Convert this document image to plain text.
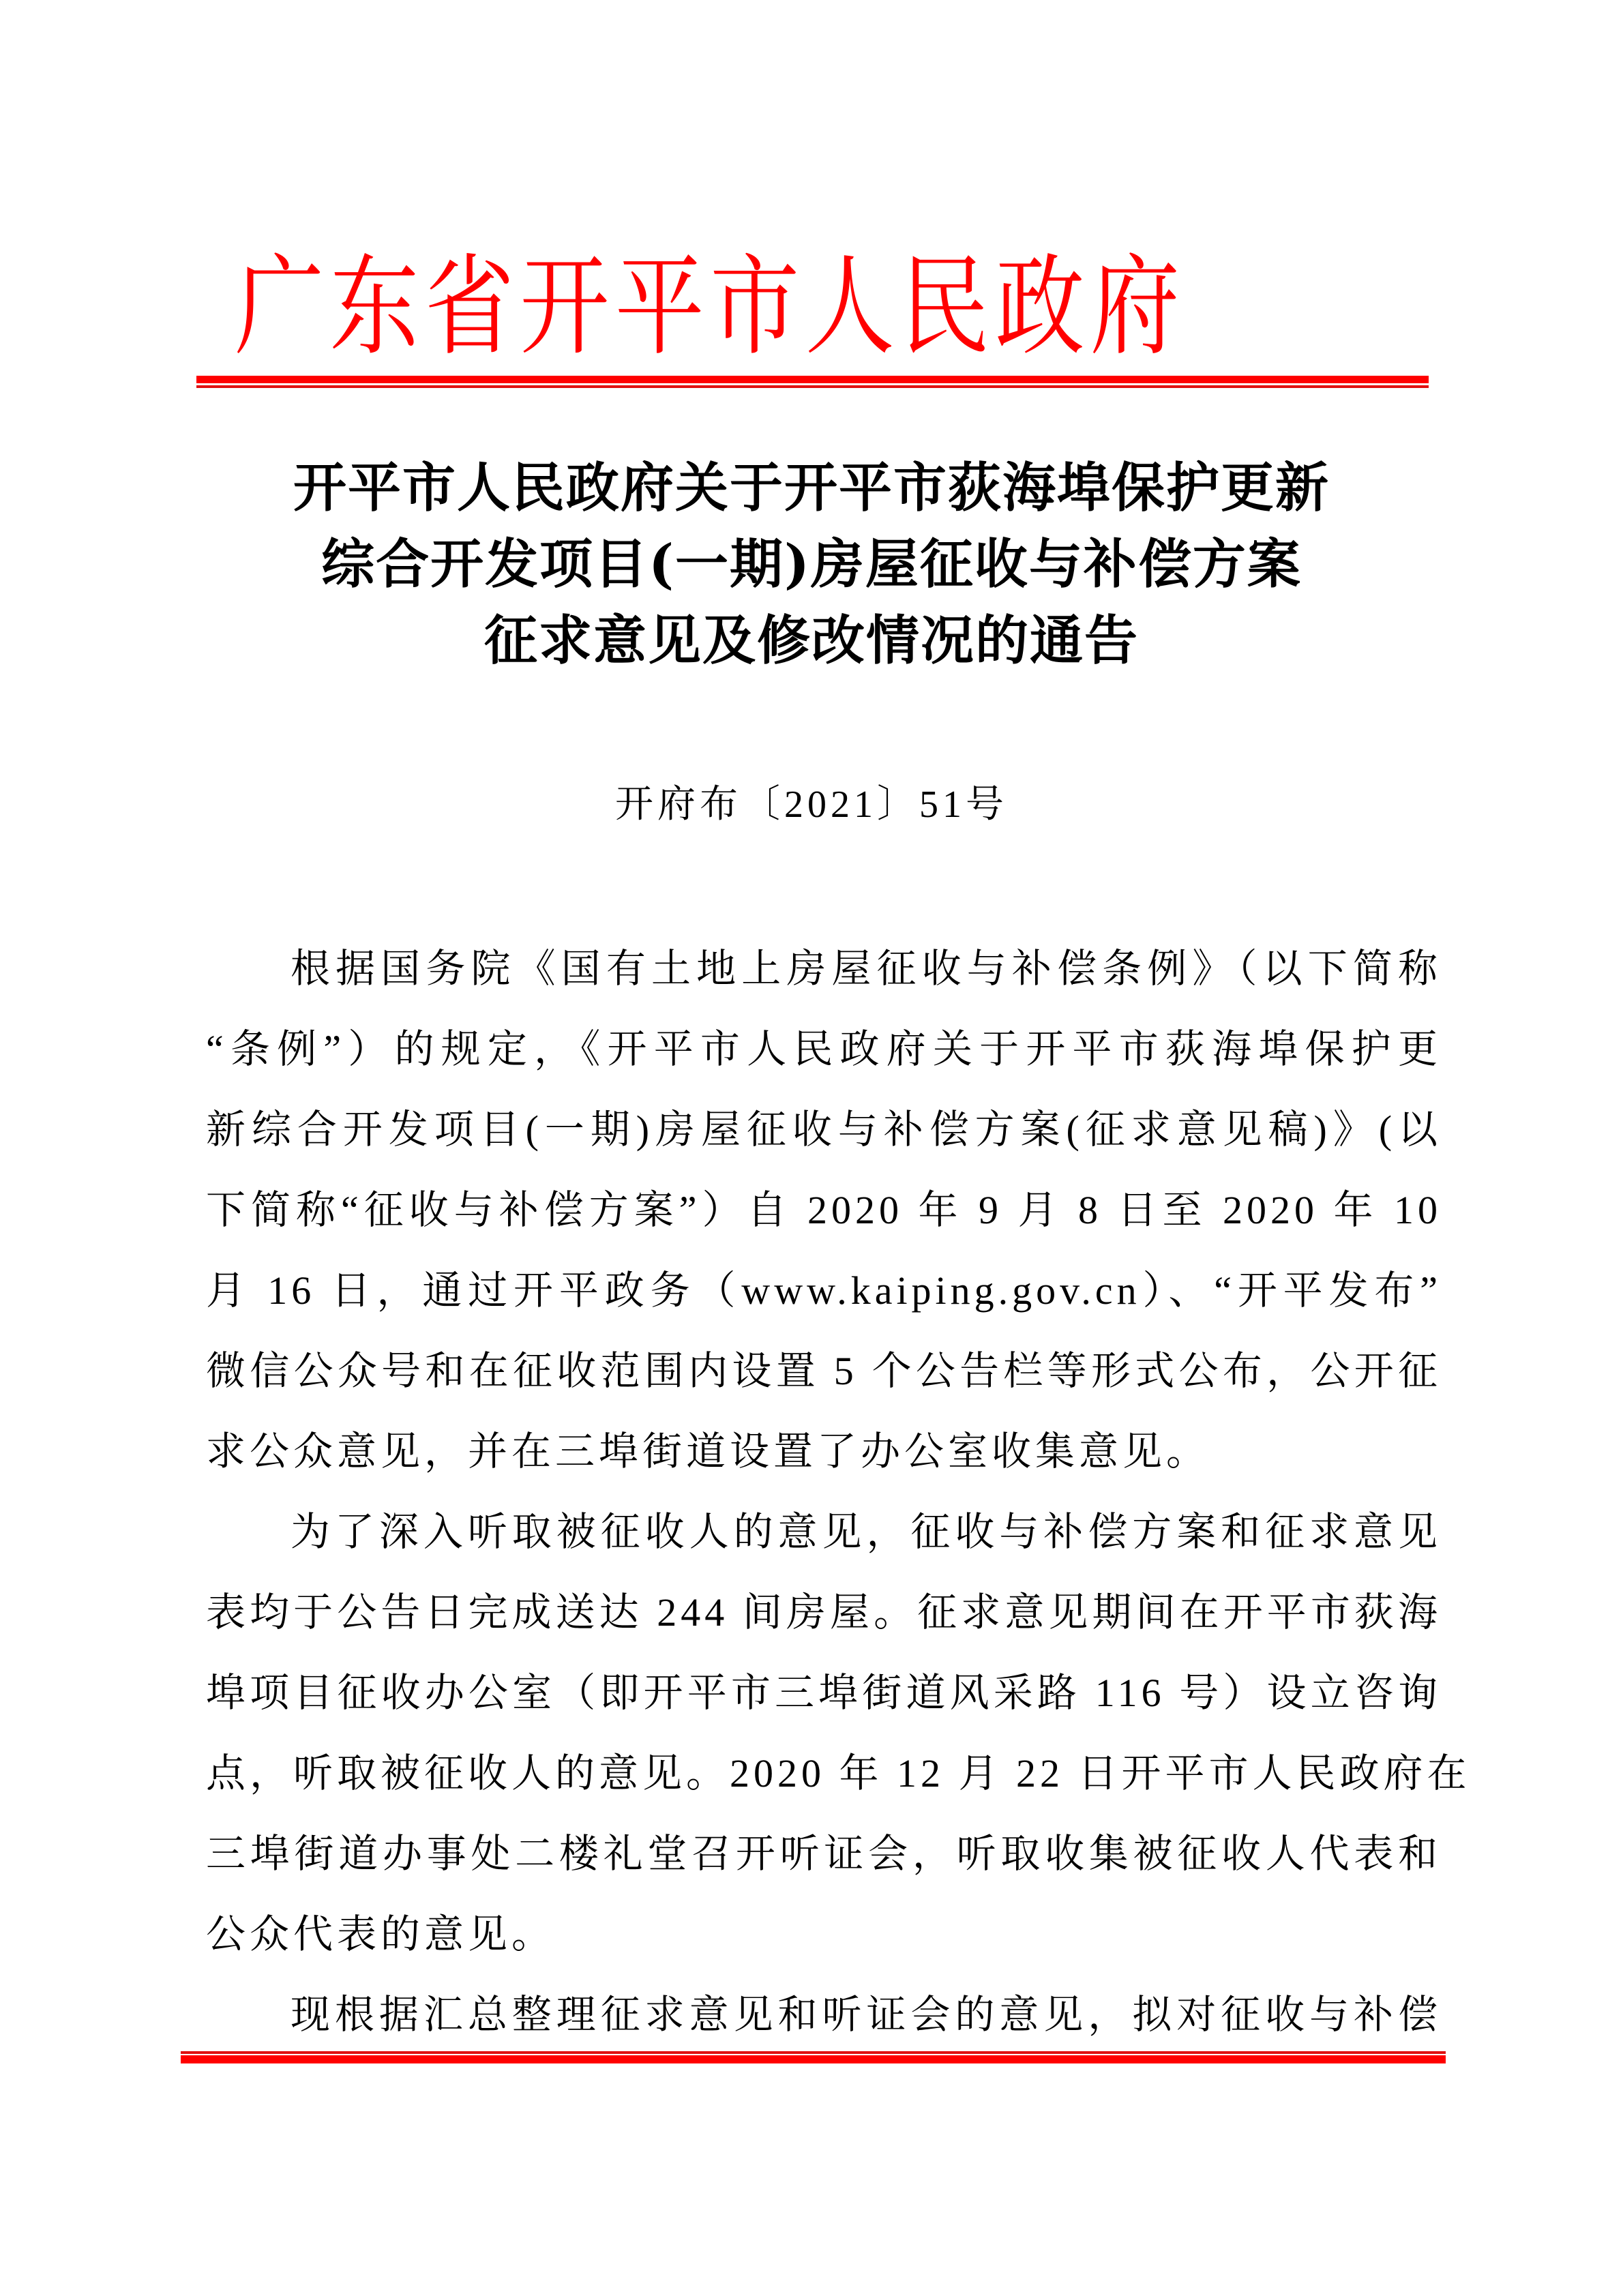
广 东 省 开 平 市 人 民 政 府
开平市人民政府关于开平市荻海埠保护更新
综合开发项目(一期)房屋征收与补偿方案
征求意见及修改情况的通告
开府布〔2021〕51号
根据国务院《国有土地上房屋征收与补偿条例》（以下简称
“条例”）的规定，《开平市人民政府关于开平市荻海埠保护更
新综合开发项目(一期)房屋征收与补偿方案(征求意见稿)》(以
下简称“征收与补偿方案”）自 2020 年 9 月 8 日至 2020 年 10
月 16 日，通过开平政务（www.kaiping.gov.cn）、“开平发布”
微信公众号和在征收范围内设置 5 个公告栏等形式公布，公开征
求公众意见，并在三埠街道设置了办公室收集意见。
为了深入听取被征收人的意见，征收与补偿方案和征求意见
表均于公告日完成送达 244 间房屋。征求意见期间在开平市荻海
埠项目征收办公室（即开平市三埠街道风采路 116 号）设立咨询
点，听取被征收人的意见。2020 年 12 月 22 日开平市人民政府在
三埠街道办事处二楼礼堂召开听证会，听取收集被征收人代表和
公众代表的意见。
现根据汇总整理征求意见和听证会的意见，拟对征收与补偿
